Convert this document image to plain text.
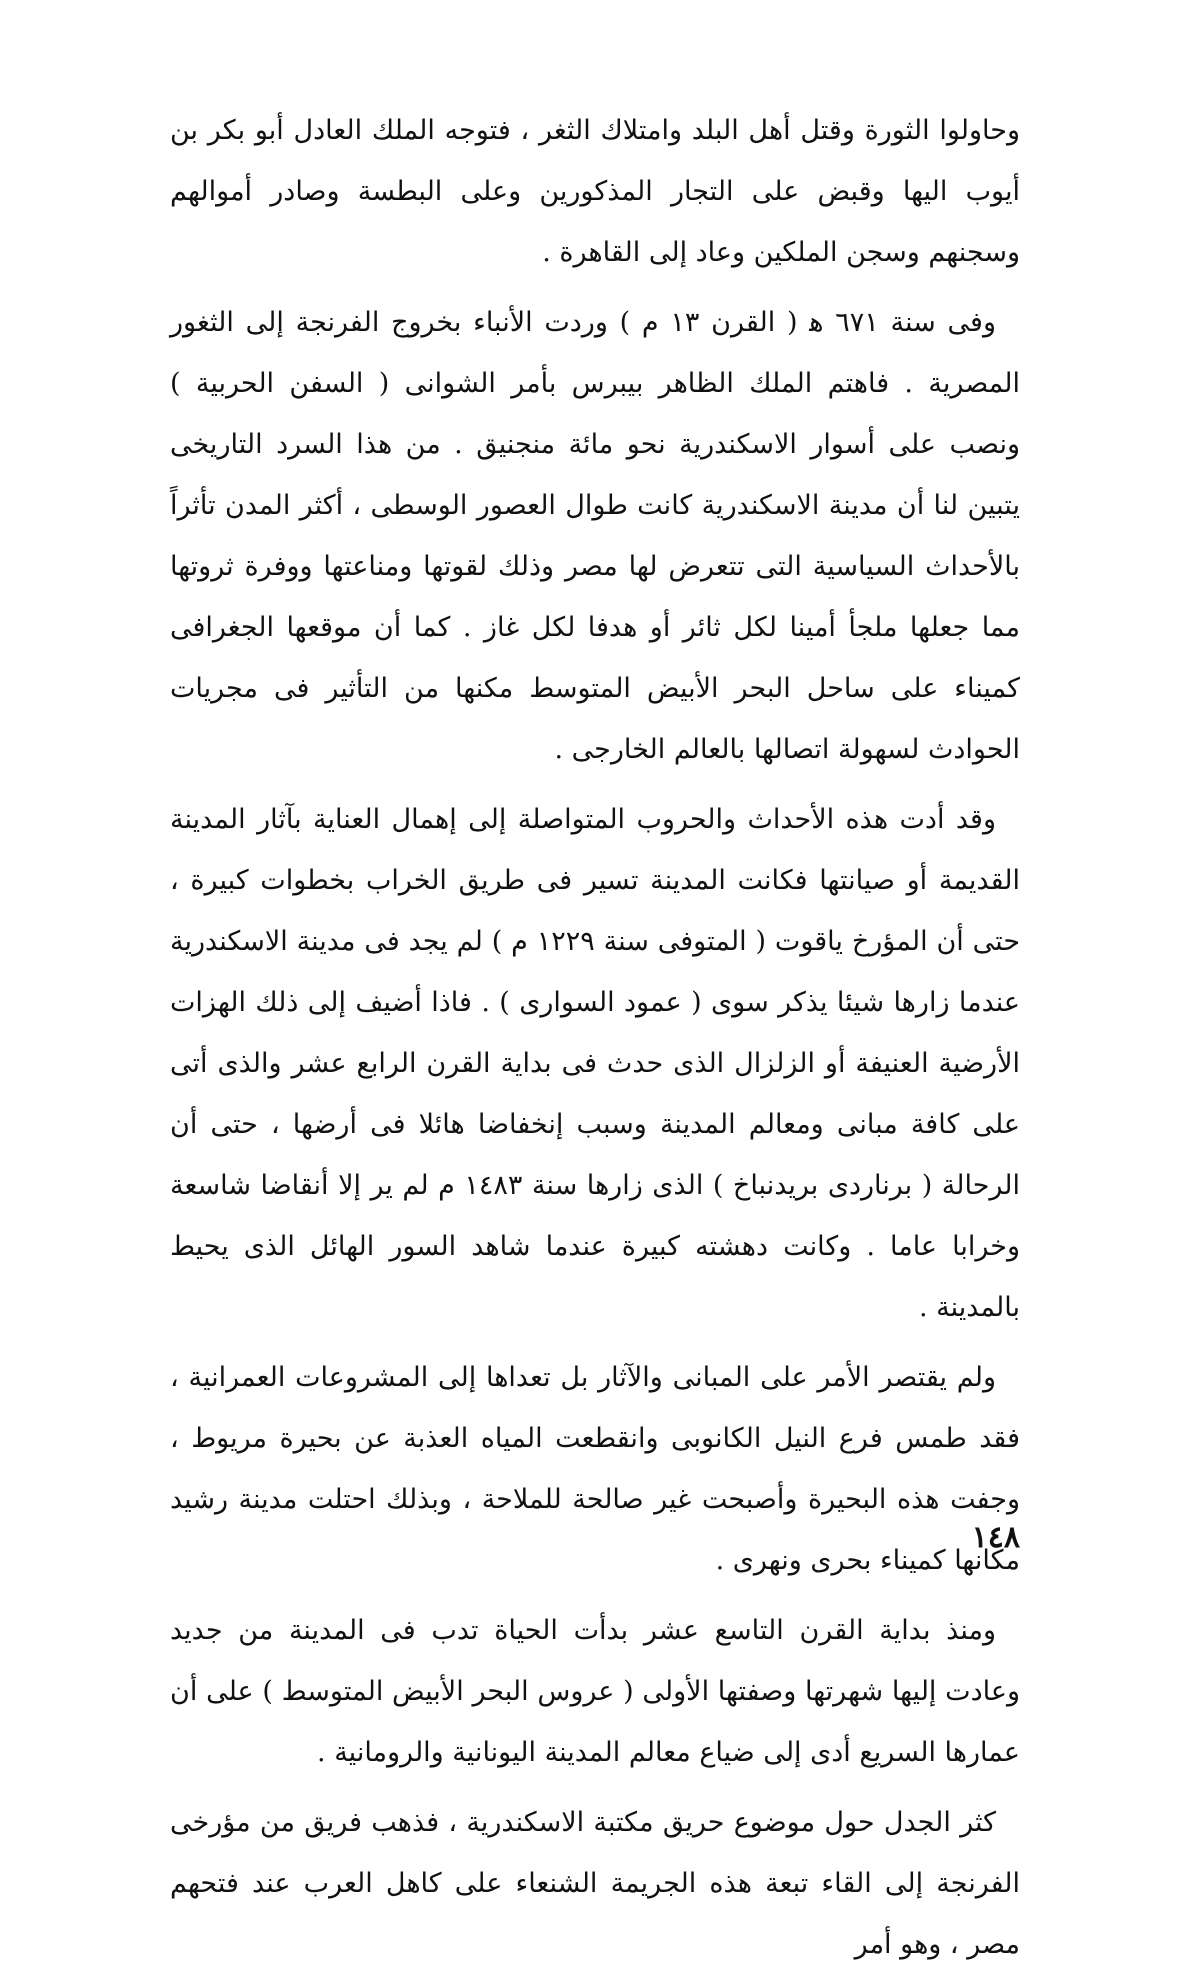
وحاولوا الثورة وقتل أهل البلد وامتلاك الثغر ، فتوجه الملك العادل أبو بكر بن أيوب اليها وقبض على التجار المذكورين وعلى البطسة وصادر أموالهم وسجنهم وسجن الملكين وعاد إلى القاهرة .

وفى سنة ٦٧١ ﻫ ( القرن ١٣ م ) وردت الأنباء بخروج الفرنجة إلى الثغور المصرية . فاهتم الملك الظاهر بيبرس بأمر الشوانى ( السفن الحربية ) ونصب على أسوار الاسكندرية نحو مائة منجنيق . من هذا السرد التاريخى يتبين لنا أن مدينة الاسكندرية كانت طوال العصور الوسطى ، أكثر المدن تأثراً بالأحداث السياسية التى تتعرض لها مصر وذلك لقوتها ومناعتها ووفرة ثروتها مما جعلها ملجأ أمينا لكل ثائر أو هدفا لكل غاز . كما أن موقعها الجغرافى كميناء على ساحل البحر الأبيض المتوسط مكنها من التأثير فى مجريات الحوادث لسهولة اتصالها بالعالم الخارجى .

وقد أدت هذه الأحداث والحروب المتواصلة إلى إهمال العناية بآثار المدينة القديمة أو صيانتها فكانت المدينة تسير فى طريق الخراب بخطوات كبيرة ، حتى أن المؤرخ ياقوت ( المتوفى سنة ١٢٢٩ م ) لم يجد فى مدينة الاسكندرية عندما زارها شيئا يذكر سوى ( عمود السوارى ) . فاذا أضيف إلى ذلك الهزات الأرضية العنيفة أو الزلزال الذى حدث فى بداية القرن الرابع عشر والذى أتى على كافة مبانى ومعالم المدينة وسبب إنخفاضا هائلا فى أرضها ، حتى أن الرحالة ( برناردى بريدنباخ ) الذى زارها سنة ١٤٨٣ م لم ير إلا أنقاضا شاسعة وخرابا عاما . وكانت دهشته كبيرة عندما شاهد السور الهائل الذى يحيط بالمدينة .

ولم يقتصر الأمر على المبانى والآثار بل تعداها إلى المشروعات العمرانية ، فقد طمس فرع النيل الكانوبى وانقطعت المياه العذبة عن بحيرة مريوط ، وجفت هذه البحيرة وأصبحت غير صالحة للملاحة ، وبذلك احتلت مدينة رشيد مكانها كميناء بحرى ونهرى .

ومنذ بداية القرن التاسع عشر بدأت الحياة تدب فى المدينة من جديد وعادت إليها شهرتها وصفتها الأولى ( عروس البحر الأبيض المتوسط ) على أن عمارها السريع أدى إلى ضياع معالم المدينة اليونانية والرومانية .

كثر الجدل حول موضوع حريق مكتبة الاسكندرية ، فذهب فريق من مؤرخى الفرنجة إلى القاء تبعة هذه الجريمة الشنعاء على كاهل العرب عند فتحهم مصر ، وهو أمر

١٤٨
